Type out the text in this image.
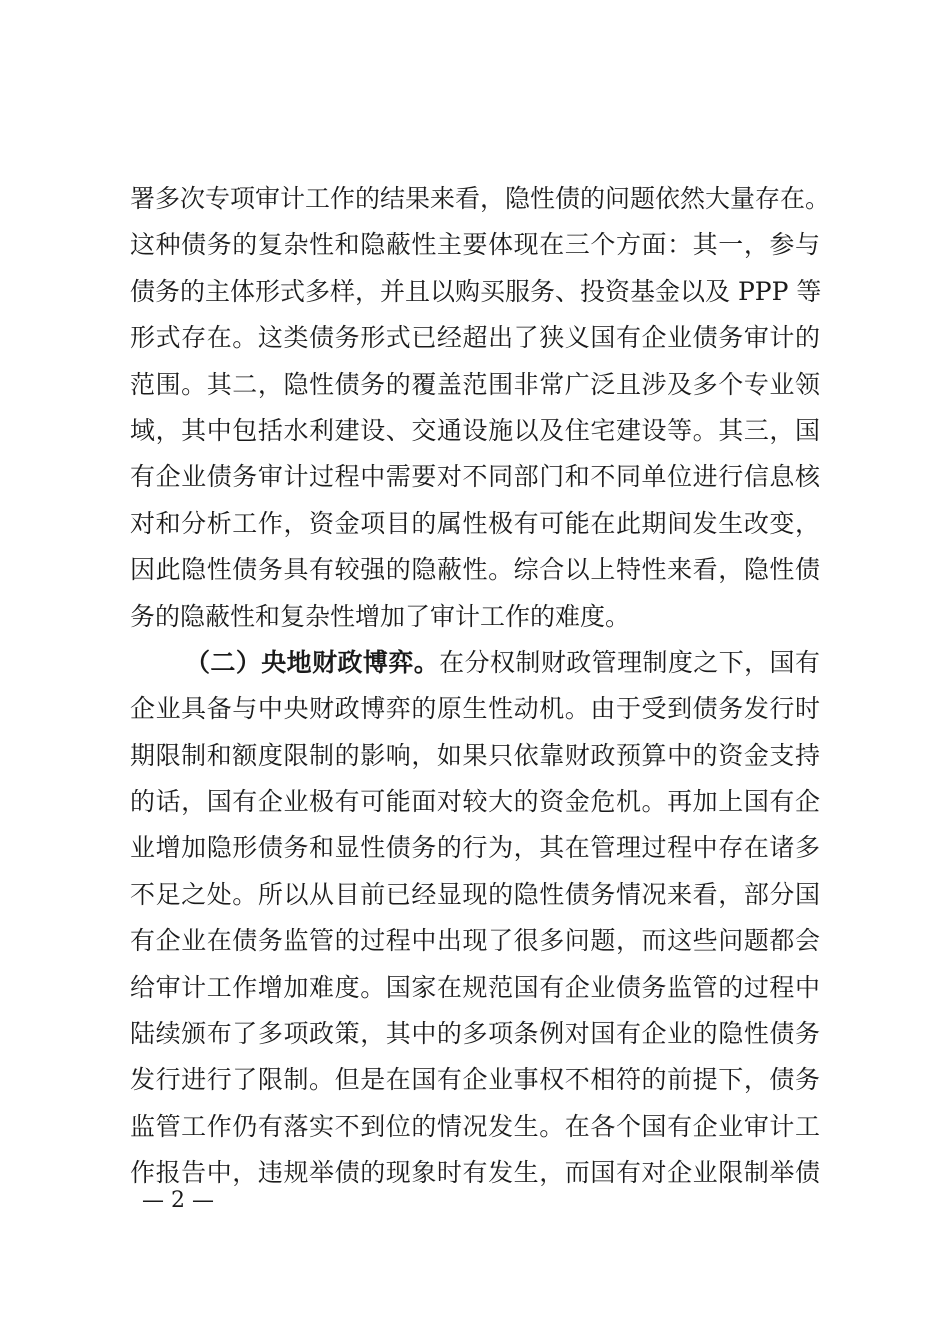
署多次专项审计工作的结果来看，隐性债的问题依然大量存在。
这种债务的复杂性和隐蔽性主要体现在三个方面：其一，参与
债务的主体形式多样，并且以购买服务、投资基金以及 PPP 等
形式存在。这类债务形式已经超出了狭义国有企业债务审计的
范围。其二，隐性债务的覆盖范围非常广泛且涉及多个专业领
域，其中包括水利建设、交通设施以及住宅建设等。其三，国
有企业债务审计过程中需要对不同部门和不同单位进行信息核
对和分析工作，资金项目的属性极有可能在此期间发生改变，
因此隐性债务具有较强的隐蔽性。综合以上特性来看，隐性债
务的隐蔽性和复杂性增加了审计工作的难度。
（二）央地财政博弈。在分权制财政管理制度之下，国有
企业具备与中央财政博弈的原生性动机。由于受到债务发行时
期限制和额度限制的影响，如果只依靠财政预算中的资金支持
的话，国有企业极有可能面对较大的资金危机。再加上国有企
业增加隐形债务和显性债务的行为，其在管理过程中存在诸多
不足之处。所以从目前已经显现的隐性债务情况来看，部分国
有企业在债务监管的过程中出现了很多问题，而这些问题都会
给审计工作增加难度。国家在规范国有企业债务监管的过程中
陆续颁布了多项政策，其中的多项条例对国有企业的隐性债务
发行进行了限制。但是在国有企业事权不相符的前提下，债务
监管工作仍有落实不到位的情况发生。在各个国有企业审计工
作报告中，违规举债的现象时有发生，而国有对企业限制举债
— 2 —
